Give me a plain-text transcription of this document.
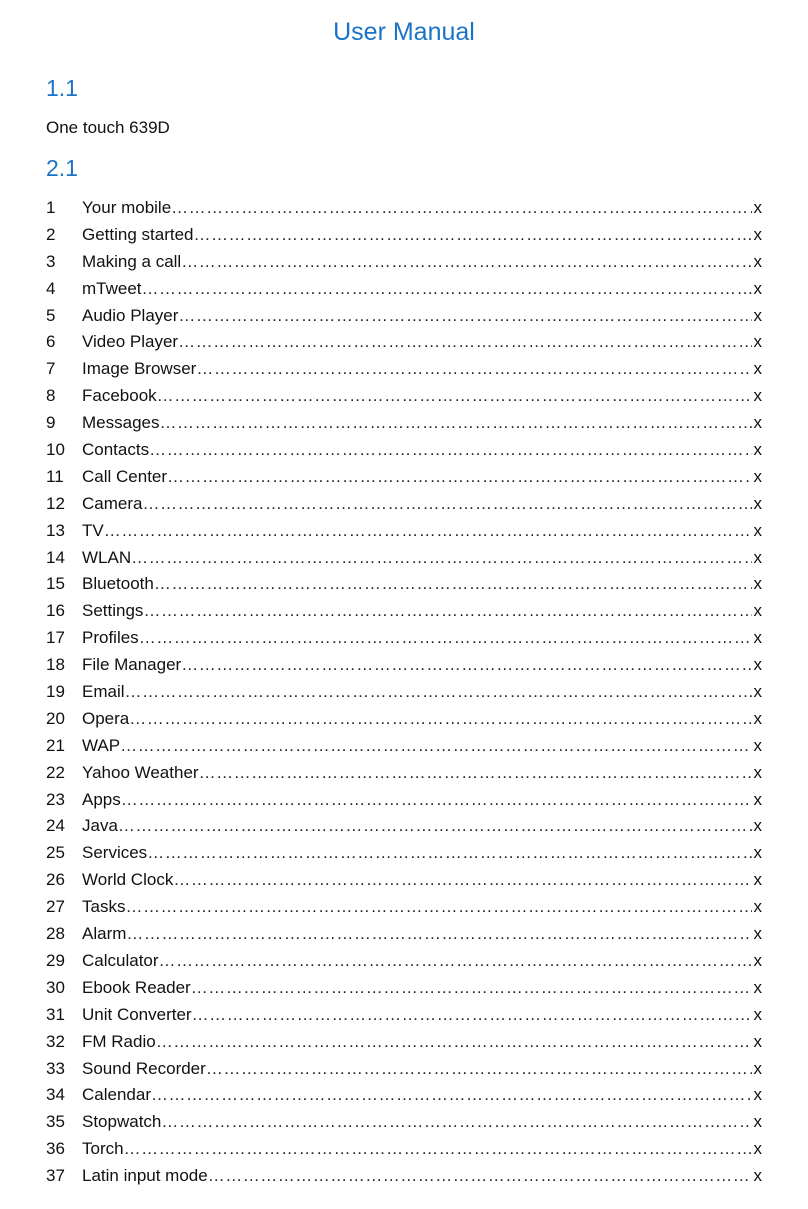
User Manual
1.1
One touch 639D
2.1
1	Your mobile ……………………………………………………………………………………………………………………………………………………………………………………	x
2	Getting started ……………………………………………………………………………………………………………………………………………………………………………………	x
3	Making a call ……………………………………………………………………………………………………………………………………………………………………………………	x
4	mTweet ……………………………………………………………………………………………………………………………………………………………………………………	x
5	Audio Player ……………………………………………………………………………………………………………………………………………………………………………………	x
6	Video Player ……………………………………………………………………………………………………………………………………………………………………………………	x
7	Image Browser ……………………………………………………………………………………………………………………………………………………………………………………	x
8	Facebook ……………………………………………………………………………………………………………………………………………………………………………………	x
9	Messages ……………………………………………………………………………………………………………………………………………………………………………………	x
10	Contacts ……………………………………………………………………………………………………………………………………………………………………………………	x
11	Call Center ……………………………………………………………………………………………………………………………………………………………………………………	x
12	Camera ……………………………………………………………………………………………………………………………………………………………………………………	x
13	TV ……………………………………………………………………………………………………………………………………………………………………………………	x
14	WLAN ……………………………………………………………………………………………………………………………………………………………………………………	x
15	Bluetooth ……………………………………………………………………………………………………………………………………………………………………………………	x
16	Settings ……………………………………………………………………………………………………………………………………………………………………………………	x
17	Profiles ……………………………………………………………………………………………………………………………………………………………………………………	x
18	File Manager ……………………………………………………………………………………………………………………………………………………………………………………	x
19	Email ……………………………………………………………………………………………………………………………………………………………………………………	x
20	Opera ……………………………………………………………………………………………………………………………………………………………………………………	x
21	WAP ……………………………………………………………………………………………………………………………………………………………………………………	x
22	Yahoo Weather ……………………………………………………………………………………………………………………………………………………………………………………	x
23	Apps ……………………………………………………………………………………………………………………………………………………………………………………	x
24	Java ……………………………………………………………………………………………………………………………………………………………………………………	x
25	Services ……………………………………………………………………………………………………………………………………………………………………………………	x
26	World Clock ……………………………………………………………………………………………………………………………………………………………………………………	x
27	Tasks ……………………………………………………………………………………………………………………………………………………………………………………	x
28	Alarm ……………………………………………………………………………………………………………………………………………………………………………………	x
29	Calculator ……………………………………………………………………………………………………………………………………………………………………………………	x
30	Ebook Reader ……………………………………………………………………………………………………………………………………………………………………………………	x
31	Unit Converter ……………………………………………………………………………………………………………………………………………………………………………………	x
32	FM Radio ……………………………………………………………………………………………………………………………………………………………………………………	x
33	Sound Recorder ……………………………………………………………………………………………………………………………………………………………………………………	x
34	Calendar ……………………………………………………………………………………………………………………………………………………………………………………	x
35	Stopwatch ……………………………………………………………………………………………………………………………………………………………………………………	x
36	Torch ……………………………………………………………………………………………………………………………………………………………………………………	x
37	Latin input mode ……………………………………………………………………………………………………………………………………………………………………………………	x
